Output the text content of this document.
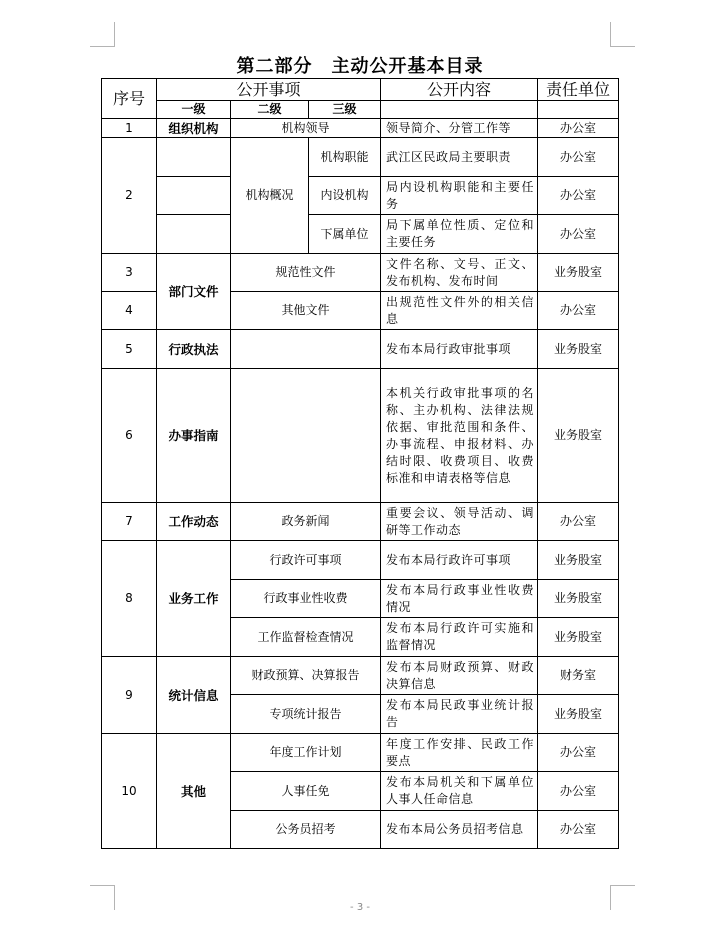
第二部分　主动公开基本目录
序号	公开事项			公开内容	责任单位
	一级	二级	三级		
1	组织机构	机构领导		领导简介、分管工作等	办公室
2		机构概况	机构职能	武江区民政局主要职责	办公室
			内设机构	局内设机构职能和主要任务	办公室
			下属单位	局下属单位性质、定位和主要任务	办公室
3	部门文件	规范性文件		文件名称、文号、正文、发布机构、发布时间	业务股室
4		其他文件		出规范性文件外的相关信息	办公室
5	行政执法			发布本局行政审批事项	业务股室
6	办事指南			本机关行政审批事项的名称、主办机构、法律法规依据、审批范围和条件、办事流程、申报材料、办结时限、收费项目、收费标准和申请表格等信息	业务股室
7	工作动态	政务新闻		重要会议、领导活动、调研等工作动态	办公室
8	业务工作	行政许可事项		发布本局行政许可事项	业务股室
		行政事业性收费		发布本局行政事业性收费情况	业务股室
		工作监督检查情况		发布本局行政许可实施和监督情况	业务股室
9	统计信息	财政预算、决算报告		发布本局财政预算、财政决算信息	财务室
		专项统计报告		发布本局民政事业统计报告	业务股室
10	其他	年度工作计划		年度工作安排、民政工作要点	办公室
		人事任免		发布本局机关和下属单位人事人任命信息	办公室
		公务员招考		发布本局公务员招考信息	办公室
- 3 -
